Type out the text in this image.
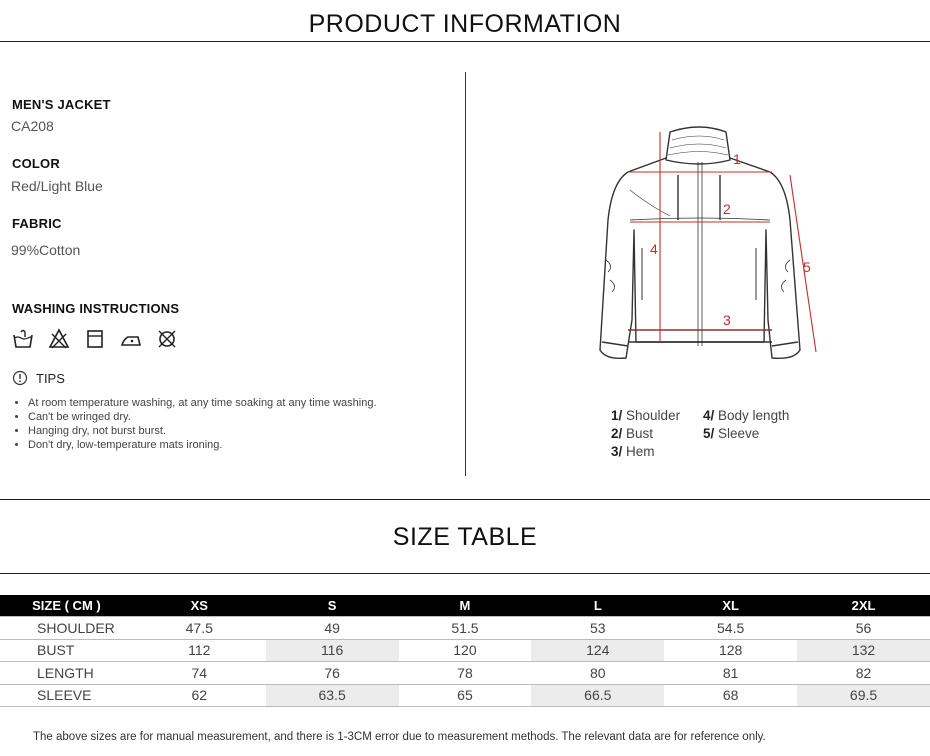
PRODUCT INFORMATION
MEN'S JACKET
CA208
COLOR
Red/Light Blue
FABRIC
99%Cotton
WASHING INSTRUCTIONS
TIPS
• At room temperature washing, at any time soaking at any time washing.
• Can't be wringed dry.
• Hanging dry, not burst burst.
• Don't dry, low-temperature mats ironing.
1
2
3
4
5
1/ Shoulder 4/ Body length
2/ Bust	5/ Sleeve
3/ Hem
SIZE TABLE
SIZE ( CM )	XS	S	M	L	XL	2XL
SHOULDER	47.5	49	51.5	53	54.5	56
BUST	112	116	120	124	128	132
LENGTH	74	76	78	80	81	82
SLEEVE	62	63.5	65	66.5	68	69.5
The above sizes are for manual measurement, and there is 1-3CM error due to measurement methods. The relevant data are for reference only.
